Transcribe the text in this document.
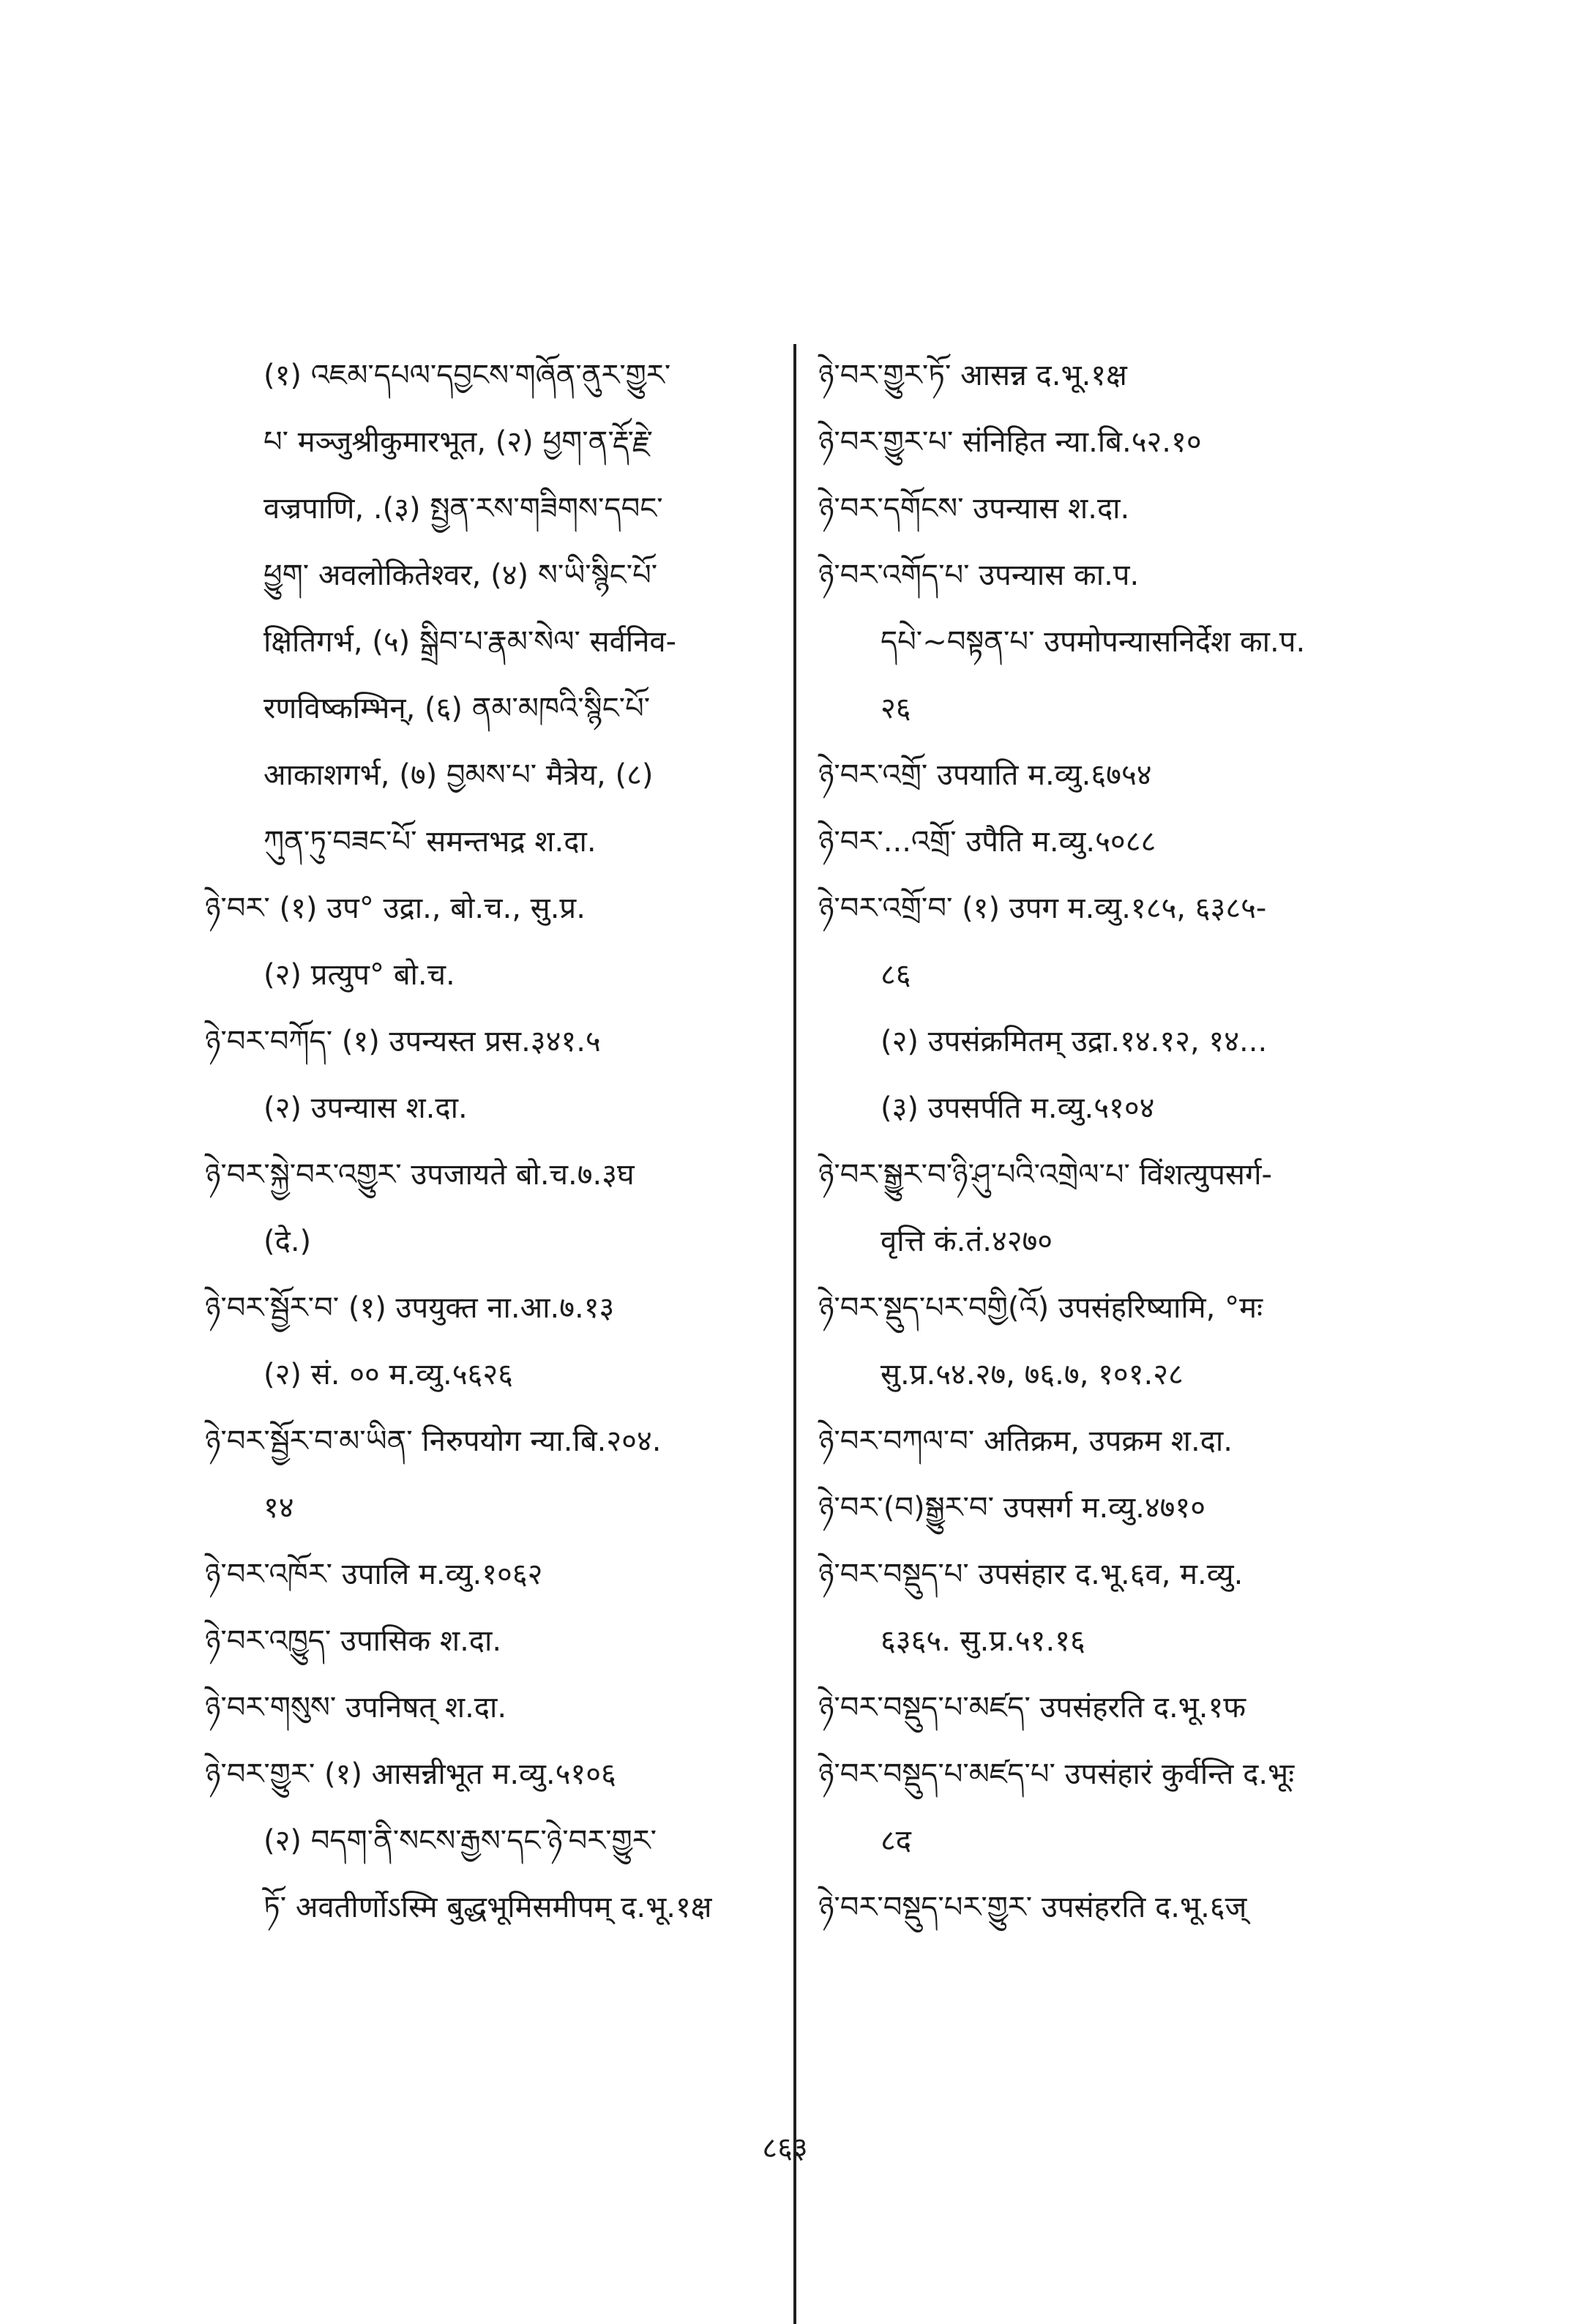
(१) འཇམ་དཔལ་དབྱངས་གཞོན་ནུར་གྱུར་
པ་ मञ्जुश्रीकुमारभूत, (२) ཕྱག་ན་རྡོ་རྗེ་
वज्रपाणि, .(३) སྤྱན་རས་གཟིགས་དབང་
ཕྱུག་ अवलोकितेश्वर, (४) ས་ཡི་སྙིང་པོ་
क्षितिगर्भ, (५) སྒྲིབ་པ་རྣམ་སེལ་ सर्वनिव-
रणविष्कम्भिन्, (६) ནམ་མཁའི་སྙིང་པོ་
आकाशगर्भ, (७) བྱམས་པ་ मैत्रेय, (८)
ཀུན་ཏུ་བཟང་པོ་ समन्तभद्र श.दा.
ཉེ་བར་ (१) उप° उद्रा., बो.च., सु.प्र.
(२) प्रत्युप° बो.च.
ཉེ་བར་བཀོད་ (१) उपन्यस्त प्रस.३४१.५
(२) उपन्यास श.दा.
ཉེ་བར་སྐྱེ་བར་འགྱུར་ उपजायते बो.च.७.३घ
(दे.)
ཉེ་བར་སྦྱོར་བ་ (१) उपयुक्त ना.आ.७.१३
(२) सं. ०० म.व्यु.५६२६
ཉེ་བར་སྦྱོར་བ་མ་ཡིན་ निरुपयोग न्या.बि.२०४.
१४
ཉེ་བར་འཁོར་ उपालि म.व्यु.१०६२
ཉེ་བར་འཁྱུད་ उपासिक श.दा.
ཉེ་བར་གསུས་ उपनिषत् श.दा.
ཉེ་བར་གྱུར་ (१) आसन्नीभूत म.व्यु.५१०६
(२) བདག་ནི་སངས་རྒྱས་དང་ཉེ་བར་གྱུར་
ཏོ་ अवतीर्णोऽस्मि बुद्धभूमिसमीपम् द.भू.१क्ष
ཉེ་བར་གྱུར་ཏོ་ आसन्न द.भू.१क्ष
ཉེ་བར་གྱུར་པ་ संनिहित न्या.बि.५२.१०
ཉེ་བར་དགོངས་ उपन्यास श.दा.
ཉེ་བར་འགོད་པ་ उपन्यास का.प.
དཔེ་~བསྟན་པ་ उपमोपन्यासनिर्देश का.प.
२६
ཉེ་བར་འགྲོ་ उपयाति म.व्यु.६७५४
ཉེ་བར་...འགྲོ་ उपैति म.व्यु.५०८८
ཉེ་བར་འགྲོ་བ་ (१) उपग म.व्यु.१८५, ६३८५-
८६
(२) उपसंक्रमितम् उद्रा.१४.१२, १४...
(३) उपसर्पति म.व्यु.५१०४
ཉེ་བར་སྒྱུར་བ་ཉི་ཤུ་པའི་འགྲེལ་པ་ विंशत्युपसर्ग-
वृत्ति कं.तं.४२७०
ཉེ་བར་སྡུད་པར་བགྱི(འོ) उपसंहरिष्यामि, °मः
सु.प्र.५४.२७, ७६.७, १०१.२८
ཉེ་བར་བཀལ་བ་ अतिक्रम, उपक्रम श.दा.
ཉེ་བར་(བ)སྒྱུར་བ་ उपसर्ग म.व्यु.४७१०
ཉེ་བར་བསྡུད་པ་ उपसंहार द.भू.६व, म.व्यु.
६३६५. सु.प्र.५१.१६
ཉེ་བར་བསྡུད་པ་མཛད་ उपसंहरति द.भू.१फ
ཉེ་བར་བསྡུད་པ་མཛད་པ་ उपसंहारं कुर्वन्ति द.भूः
८द
ཉེ་བར་བསྡུད་པར་གྱུར་ उपसंहरति द.भू.६ज्
८६३
